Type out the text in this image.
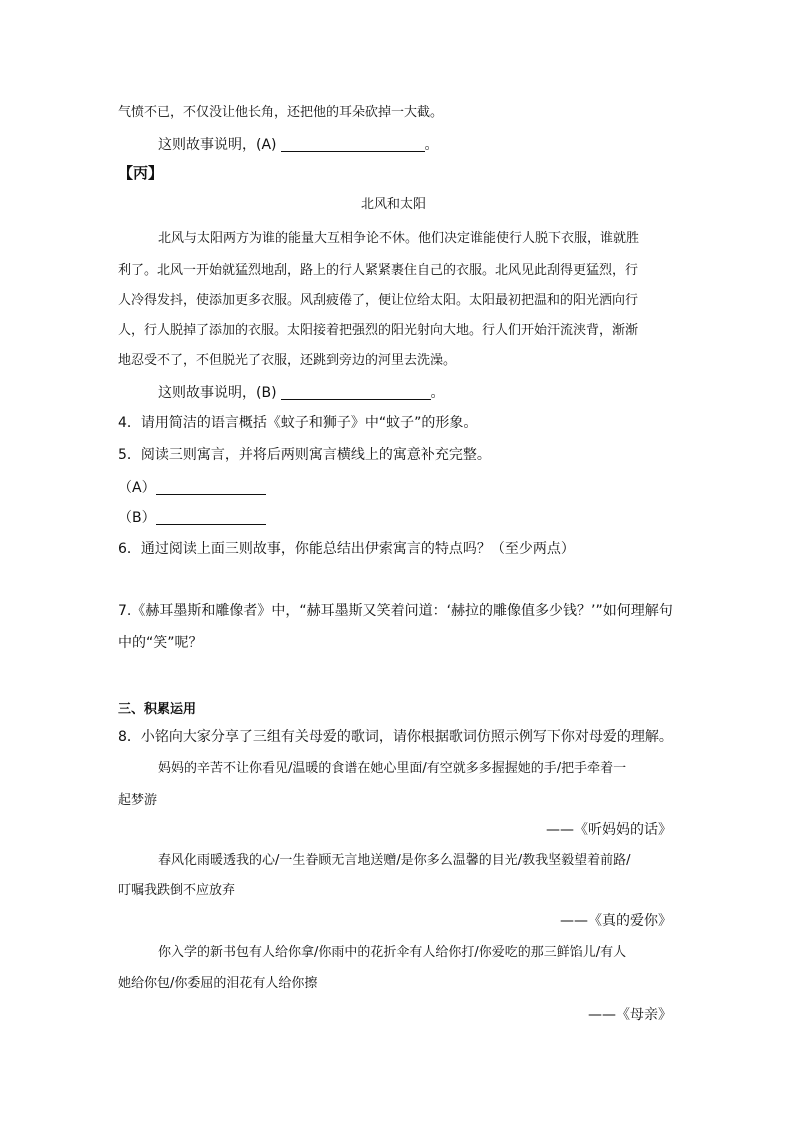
气愤不已，不仅没让他长角，还把他的耳朵砍掉一大截。
这则故事说明，(A)	。
【丙】
北风和太阳
北风与太阳两方为谁的能量大互相争论不休。他们决定谁能使行人脱下衣服，谁就胜
利了。北风一开始就猛烈地刮，路上的行人紧紧裹住自己的衣服。北风见此刮得更猛烈，行
人冷得发抖，使添加更多衣服。风刮疲倦了，便让位给太阳。太阳最初把温和的阳光洒向行
人，行人脱掉了添加的衣服。太阳接着把强烈的阳光射向大地。行人们开始汗流浃背，渐渐
地忍受不了，不但脱光了衣服，还跳到旁边的河里去洗澡。
这则故事说明，(B)	。
4．请用简洁的语言概括《蚊子和狮子》中“蚊子”的形象。
5．阅读三则寓言，并将后两则寓言横线上的寓意补充完整。
（A）
（B）
6．通过阅读上面三则故事，你能总结出伊索寓言的特点吗？（至少两点）
7.《赫耳墨斯和雕像者》中，“赫耳墨斯又笑着问道：‘赫拉的雕像值多少钱？’”如何理解句
中的“笑”呢？
三、积累运用
8．小铭向大家分享了三组有关母爱的歌词，请你根据歌词仿照示例写下你对母爱的理解。
妈妈的辛苦不让你看见/温暖的食谱在她心里面/有空就多多握握她的手/把手牵着一
起梦游
——《听妈妈的话》
春风化雨暖透我的心/一生眷顾无言地送赠/是你多么温馨的目光/教我坚毅望着前路/
叮嘱我跌倒不应放弃
——《真的爱你》
你入学的新书包有人给你拿/你雨中的花折伞有人给你打/你爱吃的那三鲜馅儿/有人
她给你包/你委屈的泪花有人给你擦
——《母亲》
